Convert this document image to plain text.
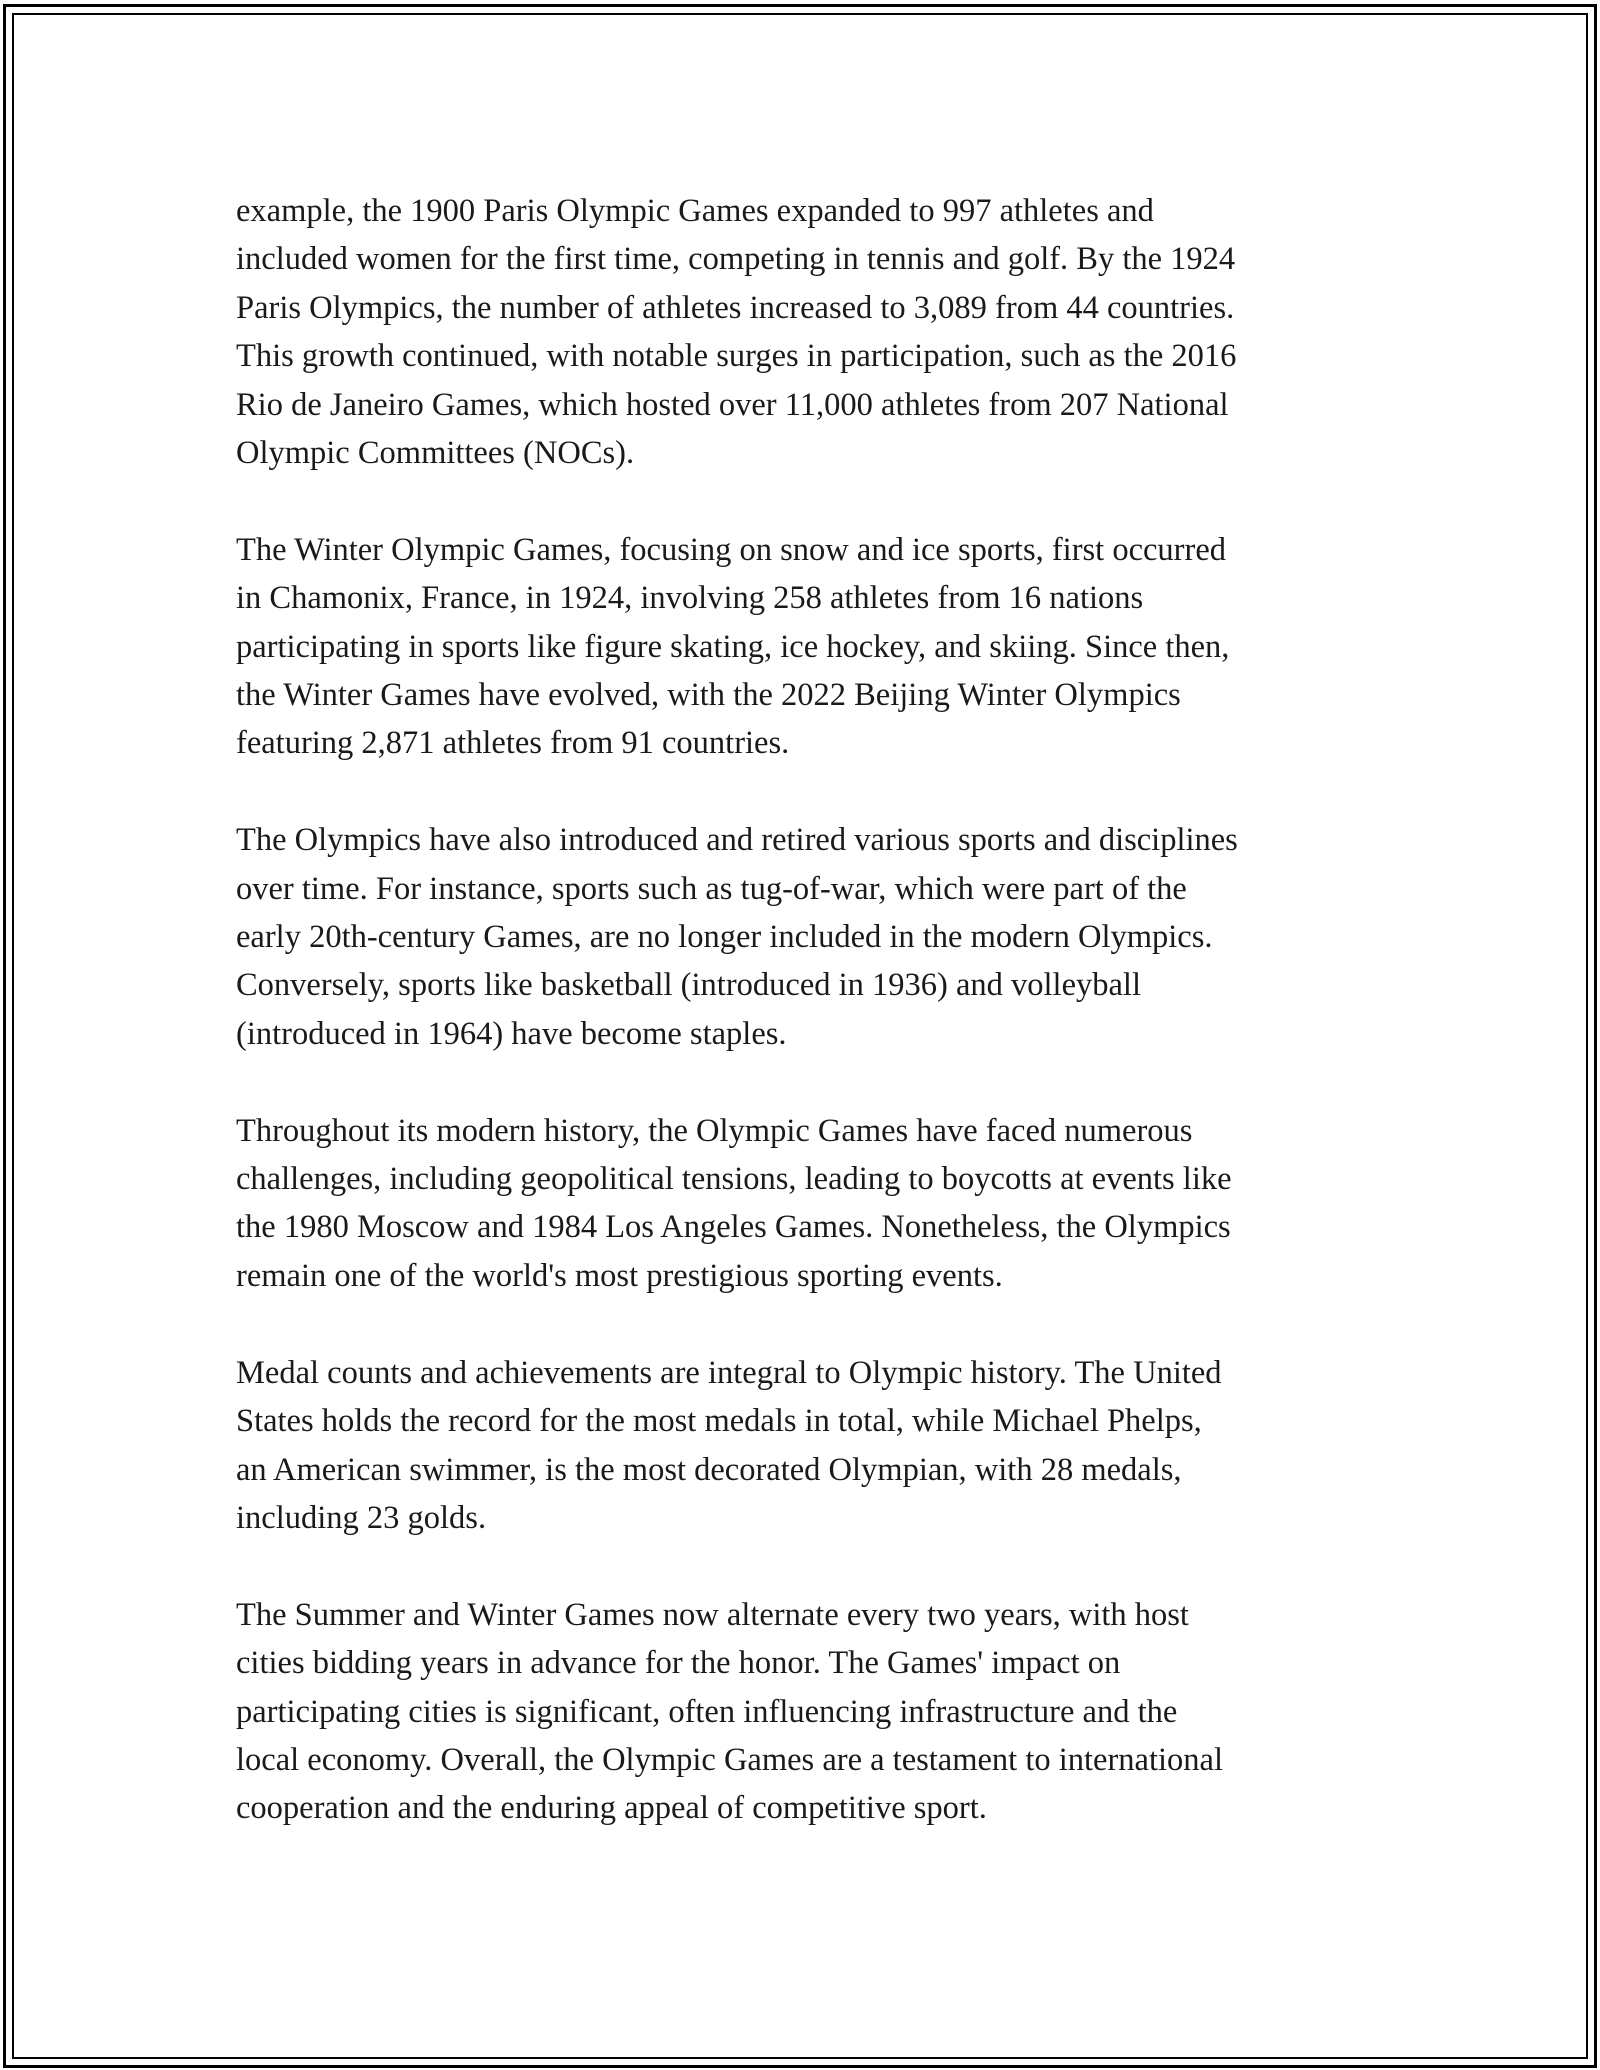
example, the 1900 Paris Olympic Games expanded to 997 athletes and
included women for the first time, competing in tennis and golf. By the 1924
Paris Olympics, the number of athletes increased to 3,089 from 44 countries.
This growth continued, with notable surges in participation, such as the 2016
Rio de Janeiro Games, which hosted over 11,000 athletes from 207 National
Olympic Committees (NOCs).

The Winter Olympic Games, focusing on snow and ice sports, first occurred
in Chamonix, France, in 1924, involving 258 athletes from 16 nations
participating in sports like figure skating, ice hockey, and skiing. Since then,
the Winter Games have evolved, with the 2022 Beijing Winter Olympics
featuring 2,871 athletes from 91 countries.

The Olympics have also introduced and retired various sports and disciplines
over time. For instance, sports such as tug-of-war, which were part of the
early 20th-century Games, are no longer included in the modern Olympics.
Conversely, sports like basketball (introduced in 1936) and volleyball
(introduced in 1964) have become staples.

Throughout its modern history, the Olympic Games have faced numerous
challenges, including geopolitical tensions, leading to boycotts at events like
the 1980 Moscow and 1984 Los Angeles Games. Nonetheless, the Olympics
remain one of the world's most prestigious sporting events.

Medal counts and achievements are integral to Olympic history. The United
States holds the record for the most medals in total, while Michael Phelps,
an American swimmer, is the most decorated Olympian, with 28 medals,
including 23 golds.

The Summer and Winter Games now alternate every two years, with host
cities bidding years in advance for the honor. The Games' impact on
participating cities is significant, often influencing infrastructure and the
local economy. Overall, the Olympic Games are a testament to international
cooperation and the enduring appeal of competitive sport.
